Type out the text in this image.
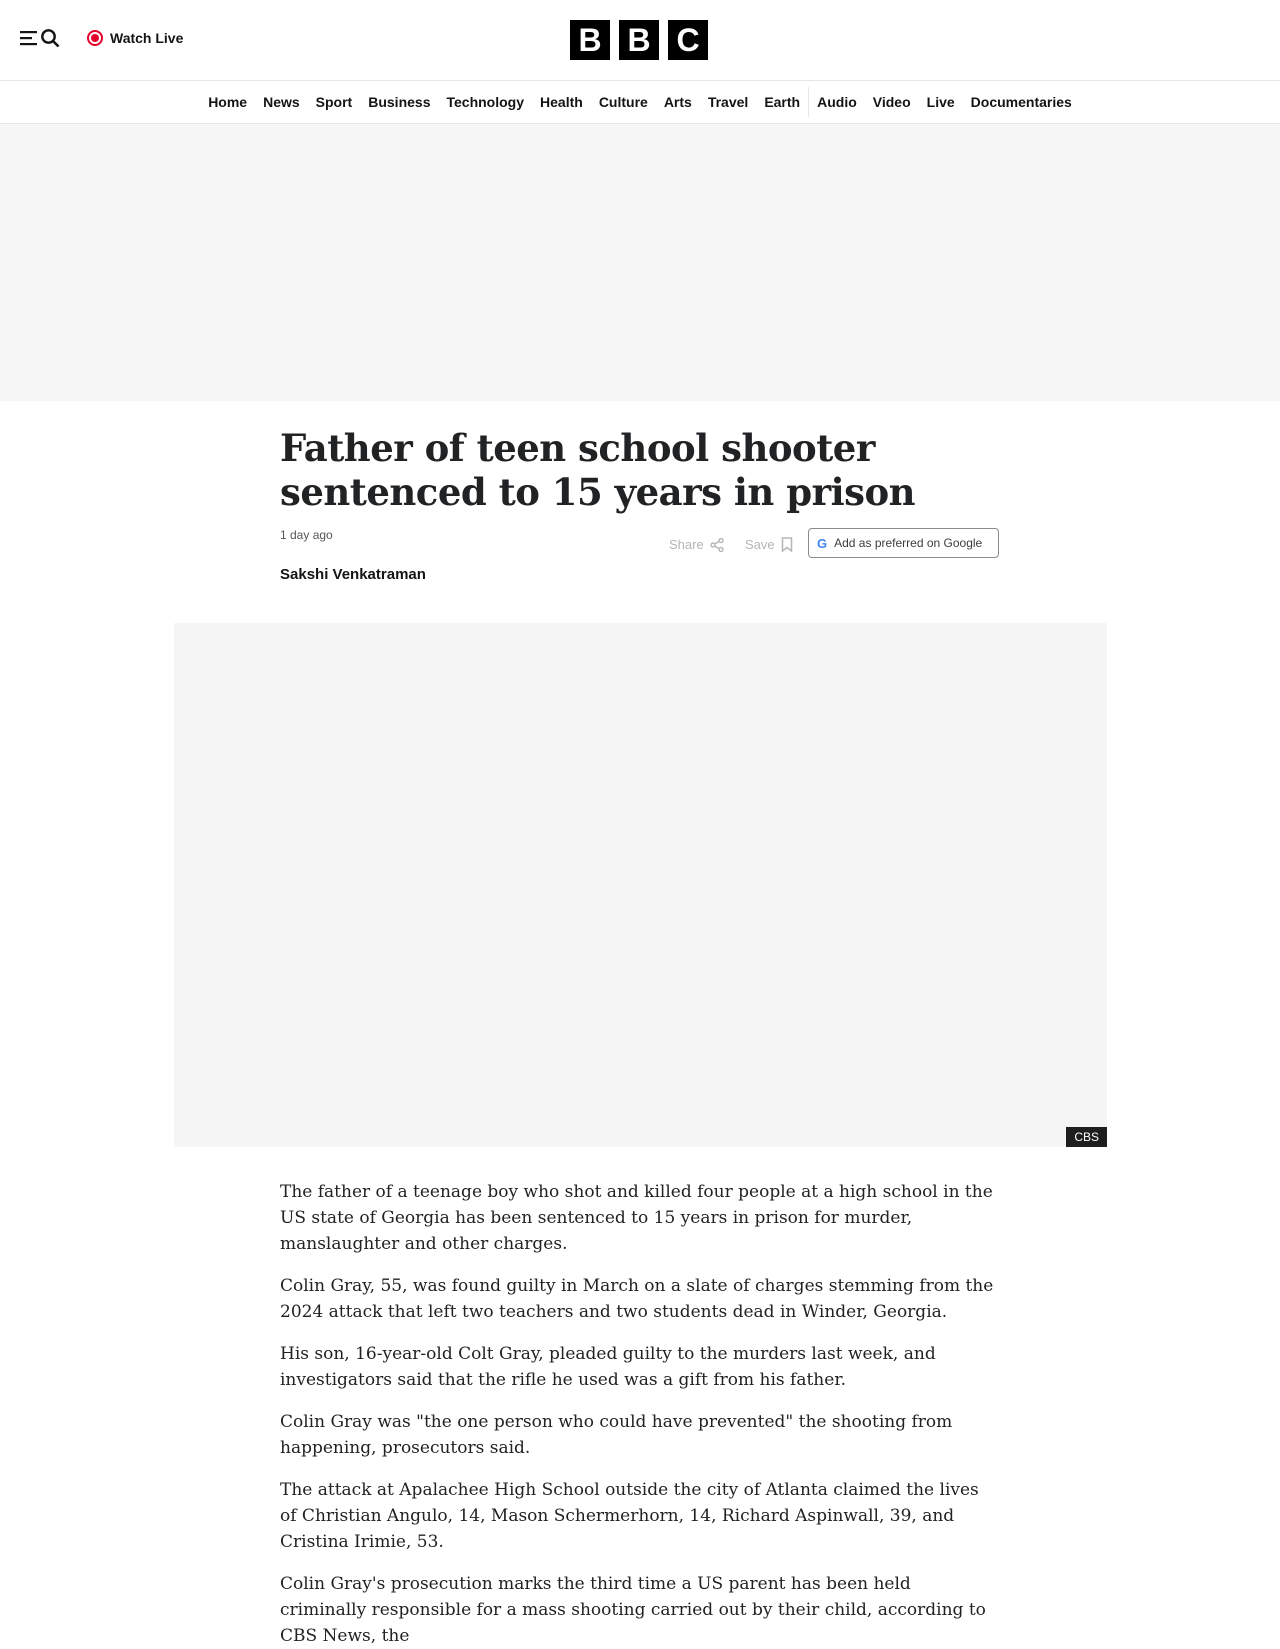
Watch Live	B B C
Home	News	Sport	Business	Technology	Health	Culture	Arts	Travel	Earth	Audio	Video	Live	Documentaries
Father of teen school shooter sentenced to 15 years in prison
1 day ago
Sakshi Venkatraman
Share	Save	G Add as preferred on Google
CBS

The father of a teenage boy who shot and killed four people at a high school in the US state of Georgia has been sentenced to 15 years in prison for murder, manslaughter and other charges.

Colin Gray, 55, was found guilty in March on a slate of charges stemming from the 2024 attack that left two teachers and two students dead in Winder, Georgia.

His son, 16-year-old Colt Gray, pleaded guilty to the murders last week, and investigators said that the rifle he used was a gift from his father.

Colin Gray was "the one person who could have prevented" the shooting from happening, prosecutors said.

The attack at Apalachee High School outside the city of Atlanta claimed the lives of Christian Angulo, 14, Mason Schermerhorn, 14, Richard Aspinwall, 39, and Cristina Irimie, 53.

Colin Gray's prosecution marks the third time a US parent has been held criminally responsible for a mass shooting carried out by their child, according to CBS News, the
